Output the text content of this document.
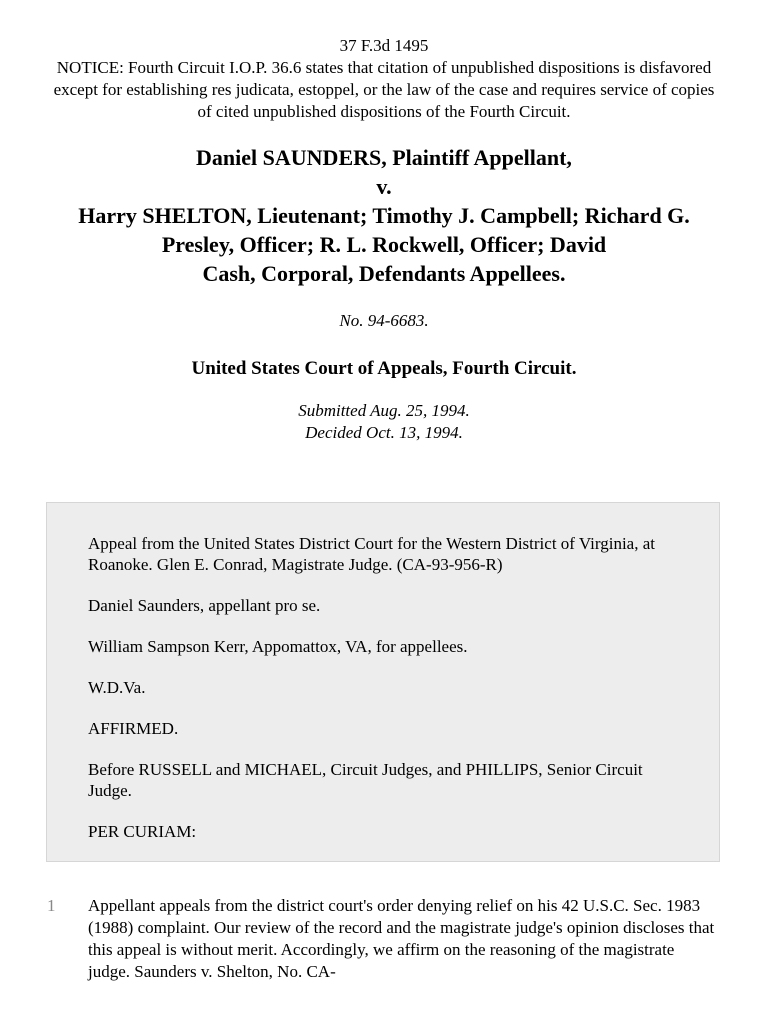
37 F.3d 1495
NOTICE: Fourth Circuit I.O.P. 36.6 states that citation of unpublished dispositions is disfavored except for establishing res judicata, estoppel, or the law of the case and requires service of copies of cited unpublished dispositions of the Fourth Circuit.
Daniel SAUNDERS, Plaintiff Appellant,
v.
Harry SHELTON, Lieutenant; Timothy J. Campbell; Richard G.
Presley, Officer; R. L. Rockwell, Officer; David
Cash, Corporal, Defendants Appellees.
No. 94-6683.
United States Court of Appeals, Fourth Circuit.
Submitted Aug. 25, 1994.
Decided Oct. 13, 1994.

Appeal from the United States District Court for the Western District of Virginia, at Roanoke. Glen E. Conrad, Magistrate Judge. (CA-93-956-R)

Daniel Saunders, appellant pro se.

William Sampson Kerr, Appomattox, VA, for appellees.

W.D.Va.

AFFIRMED.

Before RUSSELL and MICHAEL, Circuit Judges, and PHILLIPS, Senior Circuit Judge.

PER CURIAM:

1 Appellant appeals from the district court's order denying relief on his 42 U.S.C. Sec. 1983 (1988) complaint. Our review of the record and the magistrate judge's opinion discloses that this appeal is without merit. Accordingly, we affirm on the reasoning of the magistrate judge. Saunders v. Shelton, No. CA-
